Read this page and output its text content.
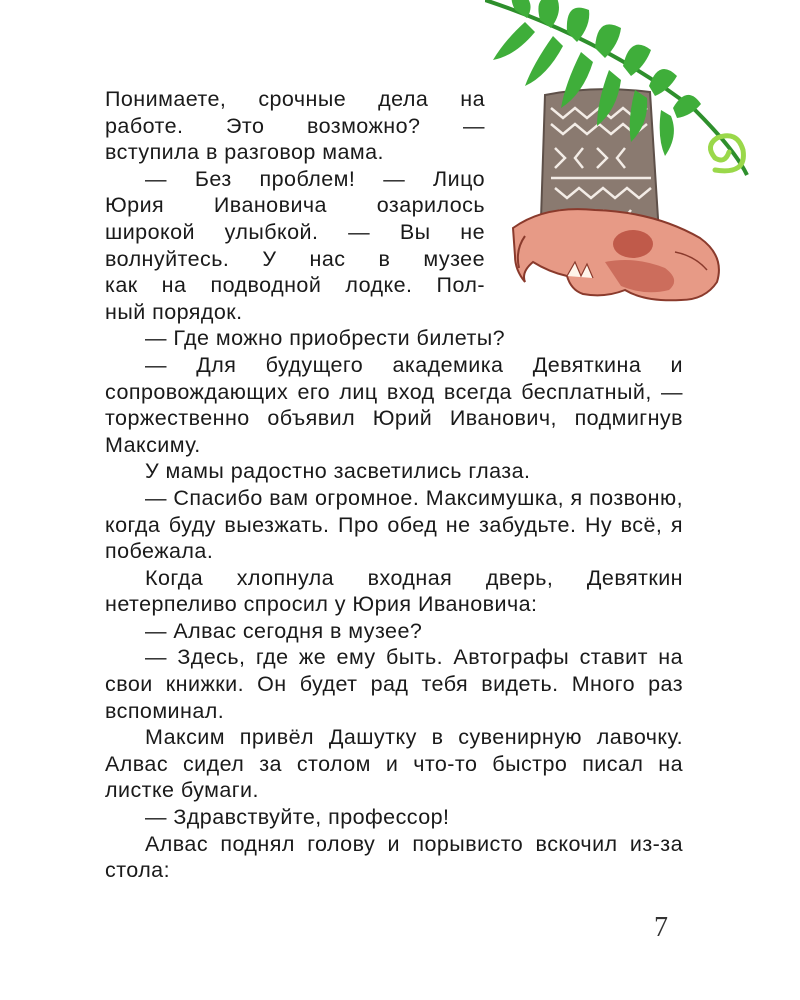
Понимаете, срочные дела на
работе. Это возможно? —
вступила в разговор мама.
— Без проблем! — Лицо
Юрия Ивановича озарилось
широкой улыбкой. — Вы не
волнуйтесь. У нас в музее
как на подводной лодке. Пол-
ный порядок.

— Где можно приобрести билеты?

— Для будущего академика Девяткина и сопровождающих его лиц вход всегда бесплатный, — торжественно объявил Юрий Иванович, подмигнув Максиму.

У мамы радостно засветились глаза.

— Спасибо вам огромное. Максимушка, я позвоню, когда буду выезжать. Про обед не забудьте. Ну всё, я побежала.

Когда хлопнула входная дверь, Девяткин нетерпеливо спросил у Юрия Ивановича:

— Алвас сегодня в музее?

— Здесь, где же ему быть. Автографы ставит на свои книжки. Он будет рад тебя видеть. Много раз вспоминал.

Максим привёл Дашутку в сувенирную лавочку. Алвас сидел за столом и что-то быстро писал на листке бумаги.

— Здравствуйте, профессор!

Алвас поднял голову и порывисто вскочил из-за стола:

7
